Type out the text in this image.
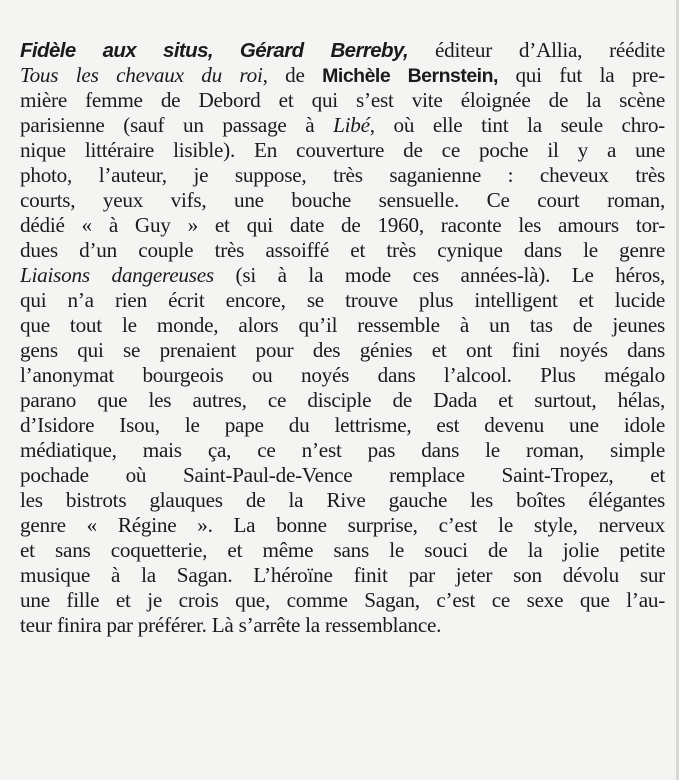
Fidèle aux situs, Gérard Berreby, éditeur d’Allia, réédite
Tous les chevaux du roi, de Michèle Bernstein, qui fut la pre-
mière femme de Debord et qui s’est vite éloignée de la scène
parisienne (sauf un passage à Libé, où elle tint la seule chro-
nique littéraire lisible). En couverture de ce poche il y a une
photo, l’auteur, je suppose, très saganienne : cheveux très
courts, yeux vifs, une bouche sensuelle. Ce court roman,
dédié « à Guy » et qui date de 1960, raconte les amours tor-
dues d’un couple très assoiffé et très cynique dans le genre
Liaisons dangereuses (si à la mode ces années-là). Le héros,
qui n’a rien écrit encore, se trouve plus intelligent et lucide
que tout le monde, alors qu’il ressemble à un tas de jeunes
gens qui se prenaient pour des génies et ont fini noyés dans
l’anonymat bourgeois ou noyés dans l’alcool. Plus mégalo
parano que les autres, ce disciple de Dada et surtout, hélas,
d’Isidore Isou, le pape du lettrisme, est devenu une idole
médiatique, mais ça, ce n’est pas dans le roman, simple
pochade où Saint-Paul-de-Vence remplace Saint-Tropez, et
les bistrots glauques de la Rive gauche les boîtes élégantes
genre « Régine ». La bonne surprise, c’est le style, nerveux
et sans coquetterie, et même sans le souci de la jolie petite
musique à la Sagan. L’héroïne finit par jeter son dévolu sur
une fille et je crois que, comme Sagan, c’est ce sexe que l’au-
teur finira par préférer. Là s’arrête la ressemblance.
